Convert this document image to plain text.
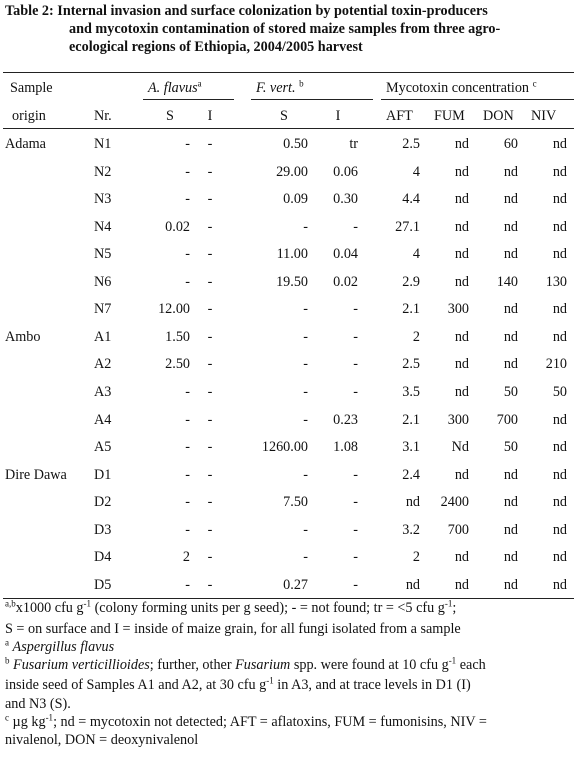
Table 2: Internal invasion and surface colonization by potential toxin-producers
and mycotoxin contamination of stored maize samples from three agro-
ecological regions of Ethiopia, 2004/2005 harvest
Sample	A. flavus$^a$	F. vert. $^b$	Mycotoxin concentration $^c$
origin	Nr.	S	I	S	I	AFT FUM DON NIV
Adama	N1	-	-	0.50	tr	2.5	nd	60	nd
N2	-	-	29.00	0.06	4	nd	nd	nd
N3	-	-	0.09	0.30	4.4	nd	nd	nd
N4	0.02	-	-	-	27.1	nd	nd	nd
N5	-	-	11.00	0.04	4	nd	nd	nd
N6	-	-	19.50	0.02	2.9	nd	140	130
N7	12.00	-	-	-	2.1	300	nd	nd
Ambo	A1	1.50	-	-	-	2	nd	nd	nd
A2	2.50	-	-	-	2.5	nd	nd	210
A3	-	-	-	-	3.5	nd	50	50
A4	-	-	-	0.23	2.1	300	700	nd
A5	-	-	1260.00	1.08	3.1	Nd	50	nd
Dire Dawa	D1	-	-	-	-	2.4	nd	nd	nd
D2	-	-	7.50	-	nd	2400	nd	nd
D3	-	-	-	-	3.2	700	nd	nd
D4	2	-	-	-	2	nd	nd	nd
D5	-	-	0.27	-	nd	nd	nd	nd
$^{a,b}$x1000 cfu $g^{-1}$ (colony forming units per g seed); - = not found; tr = <5 cfu $g^{-1}$;
S = on surface and I = inside of maize grain, for all fungi isolated from a sample
$^a$ Aspergillus flavus
$^b$ Fusarium verticillioides; further, other Fusarium spp. were found at 10 cfu $g^{-1}$ each
inside seed of Samples A1 and A2, at 30 cfu $g^{-1}$ in A3, and at trace levels in D1 (I)
and N3 (S).
$^c$ µg $kg^{-1}$; nd = mycotoxin not detected; AFT = aflatoxins, FUM = fumonisins, NIV =
nivalenol, DON = deoxynivalenol
